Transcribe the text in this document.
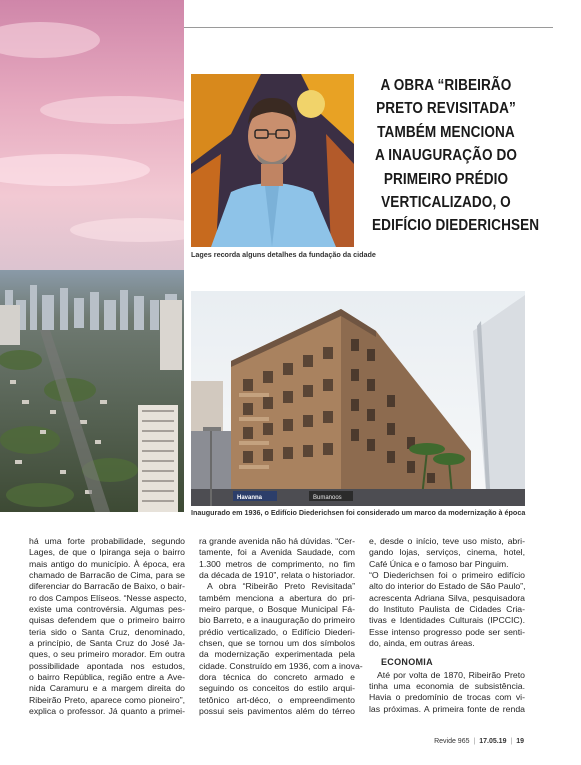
Lages recorda alguns detalhes da fundação da cidade
A OBRA “RIBEIRÃO
PRETO REVISITADA”
TAMBÉM MENCIONA
A INAUGURAÇÃO DO
PRIMEIRO PRÉDIO
VERTICALIZADO, O
EDIFÍCIO DIEDERICHSEN
Havanna	Bumanoos
Inaugurado em 1936, o Edifício Diederichsen foi considerado um marco da modernização à época
há uma forte probabilidade, segundo
Lages, de que o Ipiranga seja o bairro
mais antigo do município. À época, era
chamado de Barracão de Cima, para se
diferenciar do Barracão de Baixo, o bair-
ro dos Campos Elíseos. “Nesse aspecto,
existe uma controvérsia. Algumas pes-
quisas defendem que o primeiro bairro
teria sido o Santa Cruz, denominado,
a princípio, de Santa Cruz do José Ja-
ques, o seu primeiro morador. Em outra
possibilidade apontada nos estudos,
o bairro República, região entre a Ave-
nida Caramuru e a margem direita do
Ribeirão Preto, aparece como pioneiro”,
explica o professor. Já quanto a primei-
ra grande avenida não há dúvidas. “Cer-
tamente, foi a Avenida Saudade, com
1.300 metros de comprimento, no fim
da década de 1910”, relata o historiador.
A obra “Ribeirão Preto Revisitada”
também menciona a abertura do pri-
meiro parque, o Bosque Municipal Fá-
bio Barreto, e a inauguração do primeiro
prédio verticalizado, o Edifício Diederi-
chsen, que se tornou um dos símbolos
da modernização experimentada pela
cidade. Construído em 1936, com a inova-
dora técnica do concreto armado e
seguindo os conceitos do estilo arqui-
tetônico art-déco, o empreendimento
possui seis pavimentos além do térreo
e, desde o início, teve uso misto, abri-
gando lojas, serviços, cinema, hotel,
Café Única e o famoso bar Pinguim.
“O Diederichsen foi o primeiro edifício
alto do interior do Estado de São Paulo”,
acrescenta Adriana Silva, pesquisadora
do Instituto Paulista de Cidades Cria-
tivas e Identidades Culturais (IPCCIC).
Esse intenso progresso pode ser senti-
do, ainda, em outras áreas.
ECONOMIA
Até por volta de 1870, Ribeirão Preto
tinha uma economia de subsistência.
Havia o predomínio de trocas com vi-
las próximas. A primeira fonte de renda
Revide 965 | 17.05.19 | 19
